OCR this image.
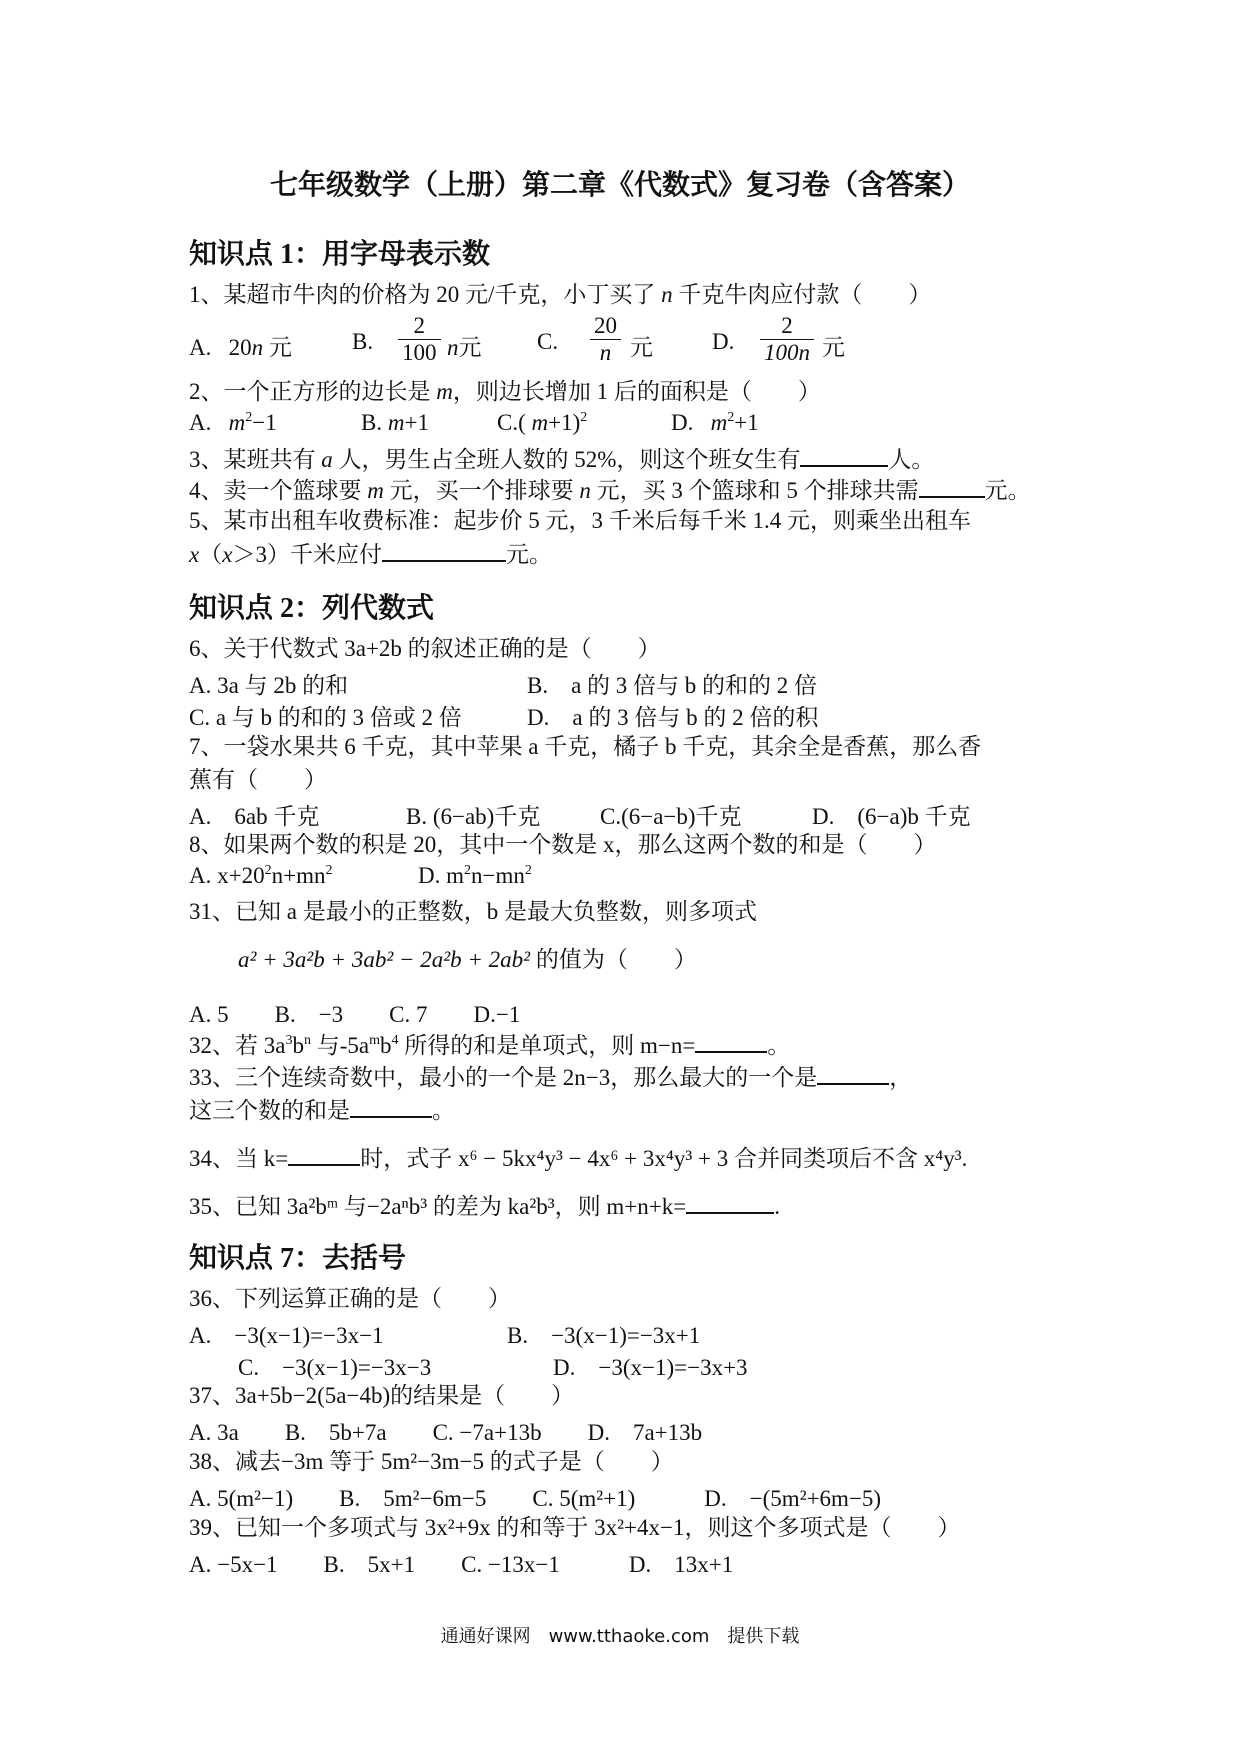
七年级数学（上册）第二章《代数式》复习卷（含答案）
知识点 1：用字母表示数
1、某超市牛肉的价格为 20 元/千克，小丁买了 n 千克牛肉应付款（　　）
A. 20n 元	B. $\frac{2}{100}$ n元 C. $\frac{20}{n}$ 元	D. $\frac{2}{100n}$ 元
2、一个正方形的边长是 m，则边长增加 1 后的面积是（　　）
A. $m^2-1$	B. m+1	C.( m+1)$^2$	D. $m^2+1$
3、某班共有 a 人，男生占全班人数的 52%，则这个班女生有	人。
4、卖一个篮球要 m 元，买一个排球要 n 元，买 3 个篮球和 5 个排球共需	元。
5、某市出租车收费标准：起步价 5 元，3 千米后每千米 1.4 元，则乘坐出租车
x（x＞3）千米应付	元。
知识点 2：列代数式
6、关于代数式 3a+2b 的叙述正确的是（　　）
A. 3a 与 2b 的和	B.　a 的 3 倍与 b 的和的 2 倍
C. a 与 b 的和的 3 倍或 2 倍	D.　a 的 3 倍与 b 的 2 倍的积
7、一袋水果共 6 千克，其中苹果 a 千克，橘子 b 千克，其余全是香蕉，那么香
蕉有（　　）
A.　6ab 千克	B. (6−ab)千克	C.(6−a−b)千克	D.　(6−a)b 千克
8、如果两个数的积是 20，其中一个数是 x，那么这两个数的和是（　　）
A. $x+20^2n+mn^2$	D. $m^2n-mn^2$
31、已知 a 是最小的正整数，b 是最大负整数，则多项式
a² + 3a²b + 3ab² − 2a²b + 2ab² 的值为（　　）
A. 5　　B.　−3　　C. 7　　D.−1
32、若 $3a^3b^n$ 与$-5a^mb^4$ 所得的和是单项式，则 m−n=	。
33、三个连续奇数中，最小的一个是 2n−3，那么最大的一个是	，
这三个数的和是	。
34、当 k=	时，式子 x⁶ − 5kx⁴y³ − 4x⁶ + 3x⁴y³ + 3 合并同类项后不含 x⁴y³.
35、已知 3a²bᵐ 与−2aⁿb³ 的差为 ka²b³，则 m+n+k=	.
知识点 7：去括号
36、下列运算正确的是（　　）
A.　−3(x−1)=−3x−1	B.　−3(x−1)=−3x+1
C.　−3(x−1)=−3x−3	D.　−3(x−1)=−3x+3
37、3a+5b−2(5a−4b)的结果是（　　）
A. 3a　　B.　5b+7a　　C. −7a+13b　　D.　7a+13b
38、减去−3m 等于 5m²−3m−5 的式子是（　　）
A. 5(m²−1)　　B.　5m²−6m−5　　C. 5(m²+1)　　　D.　−(5m²+6m−5)
39、已知一个多项式与 3x²+9x 的和等于 3x²+4x−1，则这个多项式是（　　）
A. −5x−1　　B.　5x+1　　C. −13x−1　　　D.　13x+1
通通好课网　www.tthaoke.com　提供下载
